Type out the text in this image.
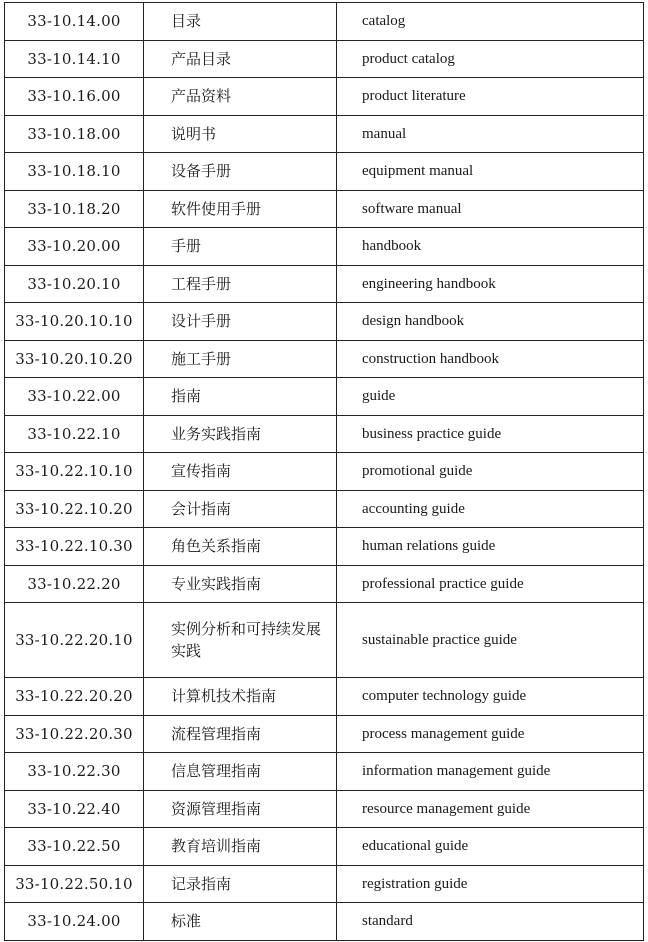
33-10.14.00	目录	catalog
33-10.14.10	产品目录	product catalog
33-10.16.00	产品资料	product literature
33-10.18.00	说明书	manual
33-10.18.10	设备手册	equipment manual
33-10.18.20	软件使用手册	software manual
33-10.20.00	手册	handbook
33-10.20.10	工程手册	engineering handbook
33-10.20.10.10	设计手册	design handbook
33-10.20.10.20	施工手册	construction handbook
33-10.22.00	指南	guide
33-10.22.10	业务实践指南	business practice guide
33-10.22.10.10	宣传指南	promotional guide
33-10.22.10.20	会计指南	accounting guide
33-10.22.10.30	角色关系指南	human relations guide
33-10.22.20	专业实践指南	professional practice guide
33-10.22.20.10	实例分析和可持续发展实践	sustainable practice guide
33-10.22.20.20	计算机技术指南	computer technology guide
33-10.22.20.30	流程管理指南	process management guide
33-10.22.30	信息管理指南	information management guide
33-10.22.40	资源管理指南	resource management guide
33-10.22.50	教育培训指南	educational guide
33-10.22.50.10	记录指南	registration guide
33-10.24.00	标准	standard
